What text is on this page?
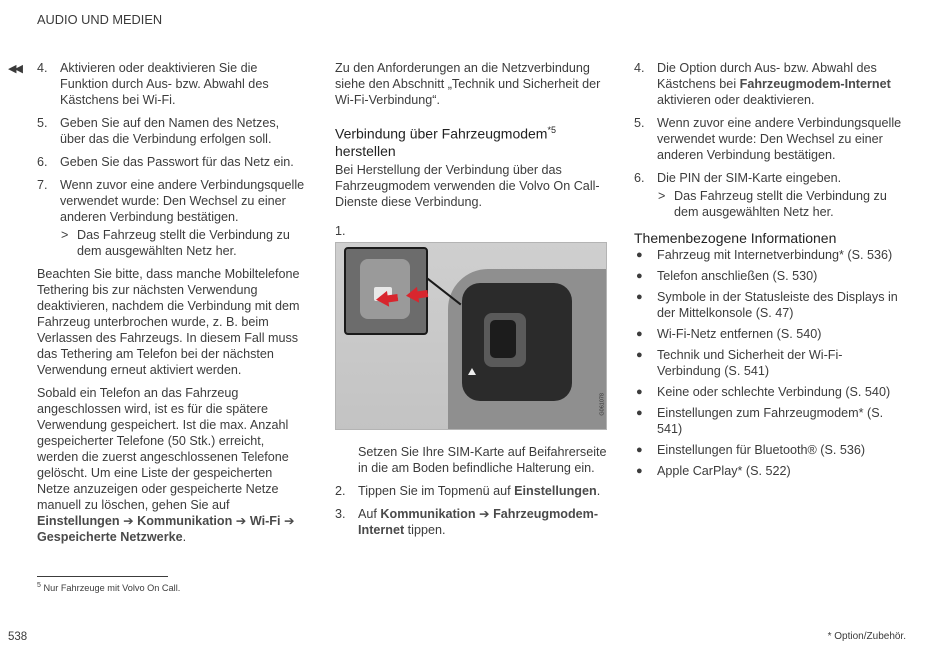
AUDIO UND MEDIEN
◀◀ 4. Aktivieren oder deaktivieren Sie die Funktion durch Aus- bzw. Abwahl des Kästchens bei Wi-Fi.
5. Geben Sie auf den Namen des Netzes, über das die Verbindung erfolgen soll.
6. Geben Sie das Passwort für das Netz ein.
7. Wenn zuvor eine andere Verbindungsquelle verwendet wurde: Den Wechsel zu einer anderen Verbindung bestätigen.
> Das Fahrzeug stellt die Verbindung zu dem ausgewählten Netz her.

Beachten Sie bitte, dass manche Mobiltelefone Tethering bis zur nächsten Verwendung deaktivieren, nachdem die Verbindung mit dem Fahrzeug unterbrochen wurde, z. B. beim Verlassen des Fahrzeugs. In diesem Fall muss das Tethering am Telefon bei der nächsten Verwendung erneut aktiviert werden.

Sobald ein Telefon an das Fahrzeug angeschlossen wird, ist es für die spätere Verwendung gespeichert. Ist die max. Anzahl gespeicherter Telefone (50 Stk.) erreicht, werden die zuerst angeschlossenen Telefone gelöscht. Um eine Liste der gespeicherten Netze anzuzeigen oder gespeicherte Netze manuell zu löschen, gehen Sie auf Einstellungen ➔ Kommunikation ➔ Wi-Fi ➔ Gespeicherte Netzwerke.

Zu den Anforderungen an die Netzverbindung siehe den Abschnitt „Technik und Sicherheit der Wi-Fi-Verbindung“.

Verbindung über Fahrzeugmodem$^{*5}$ herstellen

Bei Herstellung der Verbindung über das Fahrzeugmodem verwenden die Volvo On Call-Dienste diese Verbindung.

1.
G061078
Setzen Sie Ihre SIM-Karte auf Beifahrerseite in die am Boden befindliche Halterung ein.
2. Tippen Sie im Topmenü auf Einstellungen.
3. Auf Kommunikation ➔ Fahrzeugmodem-Internet tippen.
4. Die Option durch Aus- bzw. Abwahl des Kästchens bei Fahrzeugmodem-Internet aktivieren oder deaktivieren.
5. Wenn zuvor eine andere Verbindungsquelle verwendet wurde: Den Wechsel zu einer anderen Verbindung bestätigen.
6. Die PIN der SIM-Karte eingeben.
> Das Fahrzeug stellt die Verbindung zu dem ausgewählten Netz her.
Themenbezogene Informationen
● Fahrzeug mit Internetverbindung* (S. 536)
● Telefon anschließen (S. 530)
● Symbole in der Statusleiste des Displays in der Mittelkonsole (S. 47)
● Wi-Fi-Netz entfernen (S. 540)
● Technik und Sicherheit der Wi-Fi-Verbindung (S. 541)
● Keine oder schlechte Verbindung (S. 540)
● Einstellungen zum Fahrzeugmodem* (S. 541)
● Einstellungen für Bluetooth® (S. 536)
● Apple CarPlay* (S. 522)
$^5$ Nur Fahrzeuge mit Volvo On Call.
538	* Option/Zubehör.
